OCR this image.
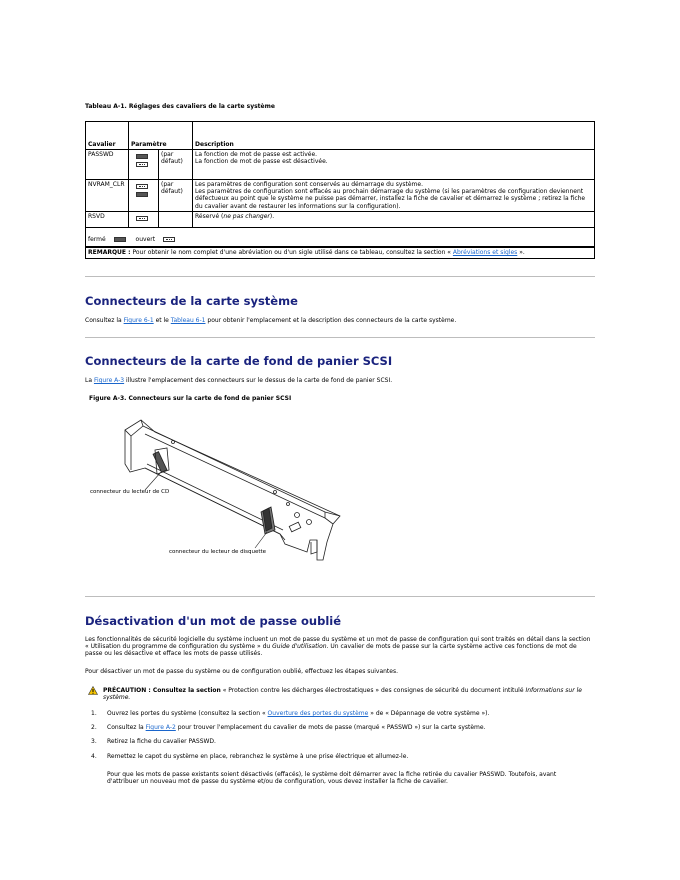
Tableau A-1. Réglages des cavaliers de la carte système
Cavalier	Paramètre		Description
PASSWD		(par défaut)	La fonction de mot de passe est activée.
La fonction de mot de passe est désactivée.

NVRAM_CLR		(par défaut)	Les paramètres de configuration sont conservés au démarrage du système.
Les paramètres de configuration sont effacés au prochain démarrage du système (si les paramètres de configuration deviennent défectueux au point que le système ne puisse pas démarrer, installez la fiche de cavalier et démarrez le système ; retirez la fiche du cavalier avant de restaurer les informations sur la configuration).

RSVD			Réservé (ne pas changer).
fermé ouvert			
REMARQUE : Pour obtenir le nom complet d'une abréviation ou d'un sigle utilisé dans ce tableau, consultez la section « Abréviations et sigles ».			
Connecteurs de la carte système
Consultez la Figure 6-1 et le Tableau 6-1 pour obtenir l'emplacement et la description des connecteurs de la carte système.
Connecteurs de la carte de fond de panier SCSI
La Figure A-3 illustre l'emplacement des connecteurs sur le dessus de la carte de fond de panier SCSI.
Figure A-3. Connecteurs sur la carte de fond de panier SCSI
connecteur du lecteur de CD
connecteur du lecteur de disquette
Désactivation d'un mot de passe oublié
Les fonctionnalités de sécurité logicielle du système incluent un mot de passe du système et un mot de passe de configuration qui sont traités en détail dans la section « Utilisation du programme de configuration du système » du Guide d'utilisation. Un cavalier de mots de passe sur la carte système active ces fonctions de mot de passe ou les désactive et efface les mots de passe utilisés.
Pour désactiver un mot de passe du système ou de configuration oublié, effectuez les étapes suivantes.
PRÉCAUTION : Consultez la section « Protection contre les décharges électrostatiques » des consignes de sécurité du document intitulé Informations sur le système.
1. Ouvrez les portes du système (consultez la section « Ouverture des portes du système » de « Dépannage de votre système »).
2. Consultez la Figure A-2 pour trouver l'emplacement du cavalier de mots de passe (marqué « PASSWD ») sur la carte système.
3. Retirez la fiche du cavalier PASSWD.
4. Remettez le capot du système en place, rebranchez le système à une prise électrique et allumez-le.
Pour que les mots de passe existants soient désactivés (effacés), le système doit démarrer avec la fiche retirée du cavalier PASSWD. Toutefois, avant d'attribuer un nouveau mot de passe du système et/ou de configuration, vous devez installer la fiche de cavalier.
